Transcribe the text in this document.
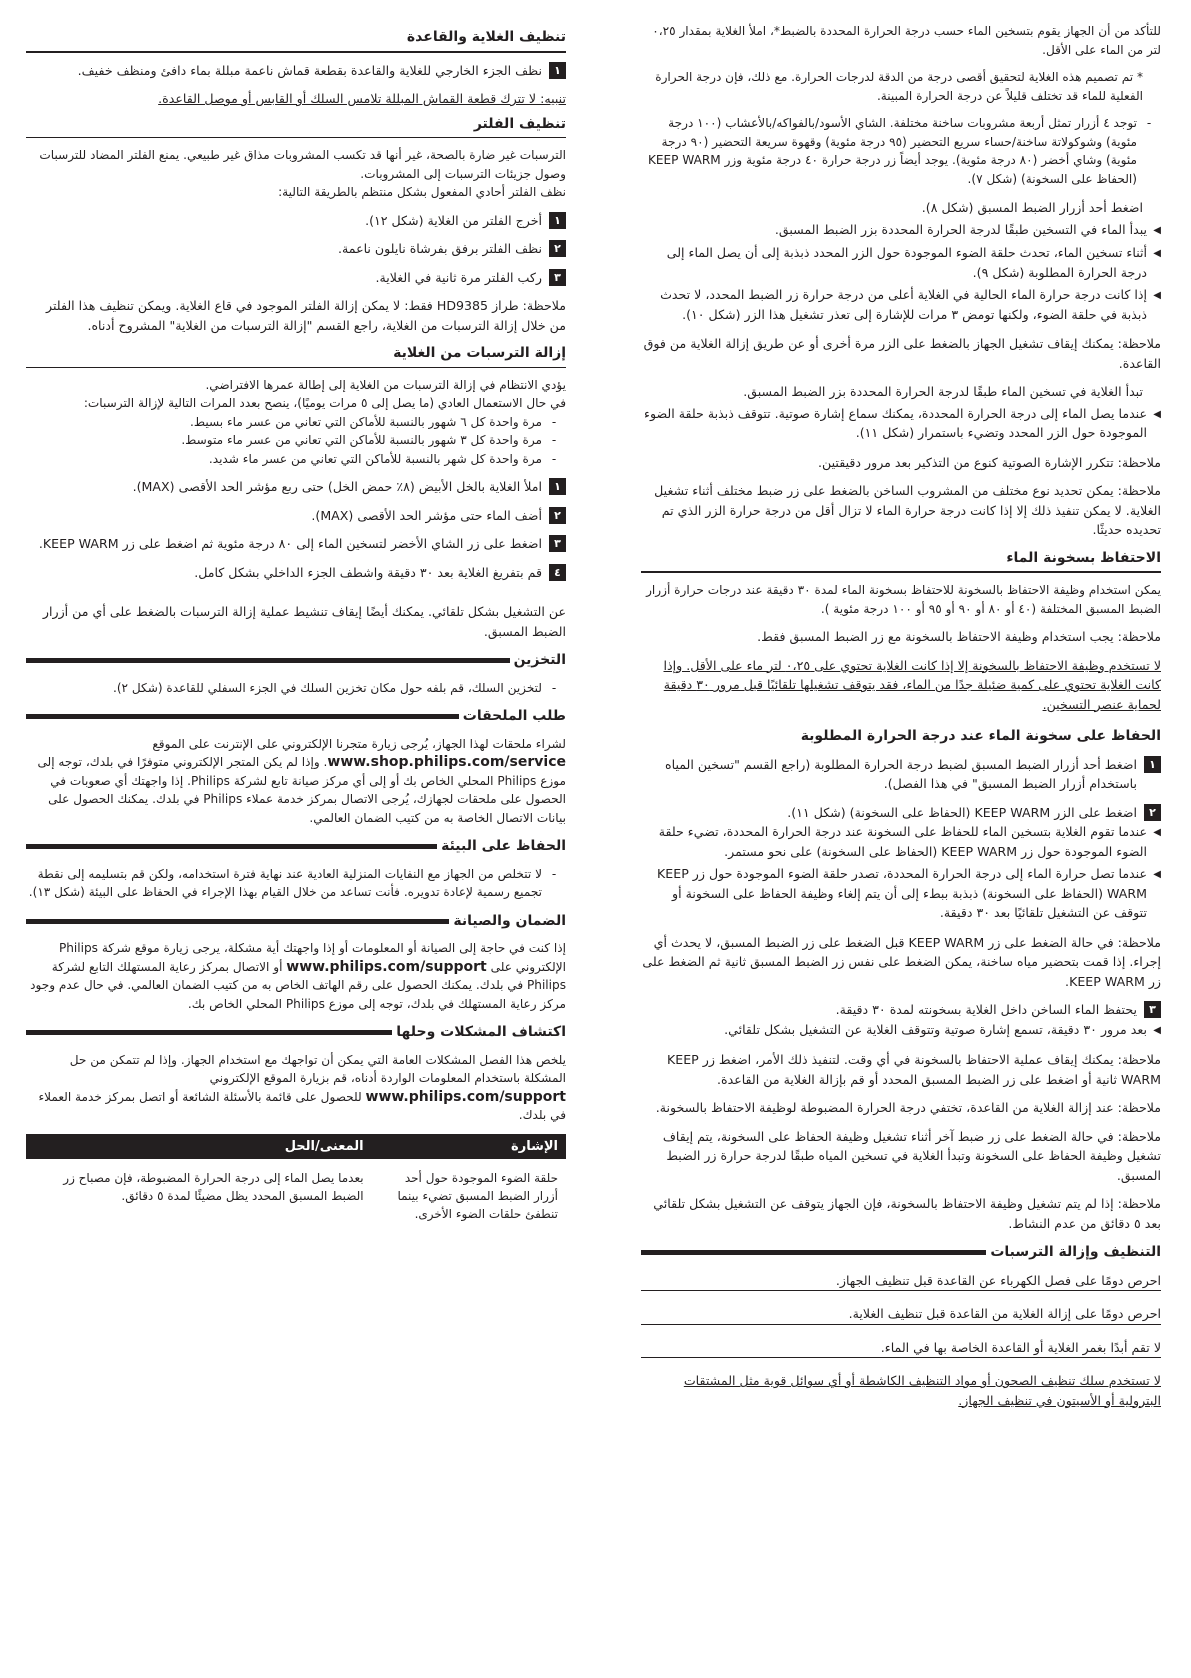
للتأكد من أن الجهاز يقوم بتسخين الماء حسب درجة الحرارة المحددة بالضبط*، املأ الغلاية بمقدار ٠،٢٥ لتر من الماء على الأقل.

* تم تصميم هذه الغلاية لتحقيق أقصى درجة من الدقة لدرجات الحرارة. مع ذلك، فإن درجة الحرارة الفعلية للماء قد تختلف قليلاً عن درجة الحرارة المبينة.

-
توجد ٤ أزرار تمثل أربعة مشروبات ساخنة مختلفة. الشاي الأسود/بالفواكه/بالأعشاب (١٠٠ درجة مئوية) وشوكولاتة ساخنة/حساء سريع التحضير (٩٥ درجة مئوية) وقهوة سريعة التحضير (٩٠ درجة مئوية) وشاي أخضر (٨٠ درجة مئوية). يوجد أيضاً زر درجة حرارة ٤٠ درجة مئوية وزر KEEP WARM (الحفاظ على السخونة) (شكل ٧).

اضغط أحد أزرار الضبط المسبق (شكل ٨).

◀
يبدأ الماء في التسخين طبقًا لدرجة الحرارة المحددة بزر الضبط المسبق.
◀
أثناء تسخين الماء، تحدث حلقة الضوء الموجودة حول الزر المحدد ذبذبة إلى أن يصل الماء إلى درجة الحرارة المطلوبة (شكل ٩).
◀
إذا كانت درجة حرارة الماء الحالية في الغلاية أعلى من درجة حرارة زر الضبط المحدد، لا تحدث ذبذبة في حلقة الضوء، ولكنها تومض ٣ مرات للإشارة إلى تعذر تشغيل هذا الزر (شكل ١٠).

ملاحظة: يمكنك إيقاف تشغيل الجهاز بالضغط على الزر مرة أخرى أو عن طريق إزالة الغلاية من فوق القاعدة.

تبدأ الغلاية في تسخين الماء طبقًا لدرجة الحرارة المحددة بزر الضبط المسبق.

◀
عندما يصل الماء إلى درجة الحرارة المحددة، يمكنك سماع إشارة صوتية. تتوقف ذبذبة حلقة الضوء الموجودة حول الزر المحدد وتضيء باستمرار (شكل ١١).

ملاحظة: تتكرر الإشارة الصوتية كنوع من التذكير بعد مرور دقيقتين.

ملاحظة: يمكن تحديد نوع مختلف من المشروب الساخن بالضغط على زر ضبط مختلف أثناء تشغيل الغلاية. لا يمكن تنفيذ ذلك إلا إذا كانت درجة حرارة الماء لا تزال أقل من درجة حرارة الزر الذي تم تحديده حديثًا.

الاحتفاظ بسخونة الماء

يمكن استخدام وظيفة الاحتفاظ بالسخونة للاحتفاظ بسخونة الماء لمدة ٣٠ دقيقة عند درجات حرارة أزرار الضبط المسبق المختلفة (٤٠ أو ٨٠ أو ٩٠ أو ٩٥ أو ١٠٠ درجة مئوية ).

ملاحظة: يجب استخدام وظيفة الاحتفاظ بالسخونة مع زر الضبط المسبق فقط.

لا تستخدم وظيفة الاحتفاظ بالسخونة إلا إذا كانت الغلاية تحتوي على ٠،٢٥ لتر ماء على الأقل. وإذا كانت الغلاية تحتوي على كمية ضئيلة جدًا من الماء، فقد يتوقف تشغيلها تلقائيًا قبل مرور ٣٠ دقيقة لحماية عنصر التسخين.

الحفاظ على سخونة الماء عند درجة الحرارة المطلوبة
١
اضغط أحد أزرار الضبط المسبق لضبط درجة الحرارة المطلوبة (راجع القسم "تسخين المياه باستخدام أزرار الضبط المسبق" في هذا الفصل).
٢
اضغط على الزر KEEP WARM (الحفاظ على السخونة) (شكل ١١).
◀
عندما تقوم الغلاية بتسخين الماء للحفاظ على السخونة عند درجة الحرارة المحددة، تضيء حلقة الضوء الموجودة حول زر KEEP WARM (الحفاظ على السخونة) على نحو مستمر.
◀
عندما تصل حرارة الماء إلى درجة الحرارة المحددة، تصدر حلقة الضوء الموجودة حول زر KEEP WARM (الحفاظ على السخونة) ذبذبة ببطء إلى أن يتم إلغاء وظيفة الحفاظ على السخونة أو تتوقف عن التشغيل تلقائيًا بعد ٣٠ دقيقة.

ملاحظة: في حالة الضغط على زر KEEP WARM قبل الضغط على زر الضبط المسبق، لا يحدث أي إجراء. إذا قمت بتحضير مياه ساخنة، يمكن الضغط على نفس زر الضبط المسبق ثانية ثم الضغط على زر KEEP WARM.

٣
يحتفظ الماء الساخن داخل الغلاية بسخونته لمدة ٣٠ دقيقة.
◀
بعد مرور ٣٠ دقيقة، تسمع إشارة صوتية وتتوقف الغلاية عن التشغيل بشكل تلقائي.

ملاحظة: يمكنك إيقاف عملية الاحتفاظ بالسخونة في أي وقت. لتنفيذ ذلك الأمر، اضغط زر KEEP WARM ثانية أو اضغط على زر الضبط المسبق المحدد أو قم بإزالة الغلاية من القاعدة.

ملاحظة: عند إزالة الغلاية من القاعدة، تختفي درجة الحرارة المضبوطة لوظيفة الاحتفاظ بالسخونة.

ملاحظة: في حالة الضغط على زر ضبط آخر أثناء تشغيل وظيفة الحفاظ على السخونة، يتم إيقاف تشغيل وظيفة الحفاظ على السخونة وتبدأ الغلاية في تسخين المياه طبقًا لدرجة حرارة زر الضبط المسبق.

ملاحظة: إذا لم يتم تشغيل وظيفة الاحتفاظ بالسخونة، فإن الجهاز يتوقف عن التشغيل بشكل تلقائي بعد ٥ دقائق من عدم النشاط.

التنظيف وإزالة الترسبات

احرص دومًا على فصل الكهرباء عن القاعدة قبل تنظيف الجهاز.

احرص دومًا على إزالة الغلاية من القاعدة قبل تنظيف الغلاية.

لا تقم أبدًا بغمر الغلاية أو القاعدة الخاصة بها في الماء.

لا تستخدم سلك تنظيف الصحون أو مواد التنظيف الكاشطة أو أي سوائل قوية مثل المشتقات البترولية أو الأسيتون في تنظيف الجهاز.

تنظيف الغلاية والقاعدة
١
نظف الجزء الخارجي للغلاية والقاعدة بقطعة قماش ناعمة مبللة بماء دافئ ومنظف خفيف.

تنبيه: لا تترك قطعة القماش المبللة تلامس السلك أو القابس أو موصل القاعدة.

تنظيف الفلتر

الترسبات غير ضارة بالصحة، غير أنها قد تكسب المشروبات مذاق غير طبيعي. يمنع الفلتر المضاد للترسبات وصول جزيئات الترسبات إلى المشروبات.

نظف الفلتر أحادي المفعول بشكل منتظم بالطريقة التالية:

١
أخرج الفلتر من الغلاية (شكل ١٢).
٢
نظف الفلتر برفق بفرشاة نايلون ناعمة.
٣
ركب الفلتر مرة ثانية في الغلاية.

ملاحظة: طراز HD9385 فقط: لا يمكن إزالة الفلتر الموجود في قاع الغلاية. ويمكن تنظيف هذا الفلتر من خلال إزالة الترسبات من الغلاية، راجع القسم "إزالة الترسبات من الغلاية" المشروح أدناه.

إزالة الترسبات من الغلاية

يؤدي الانتظام في إزالة الترسبات من الغلاية إلى إطالة عمرها الافتراضي.

في حال الاستعمال العادي (ما يصل إلى ٥ مرات يوميًا)، ينصح بعدد المرات التالية لإزالة الترسبات:

-
مرة واحدة كل ٦ شهور بالنسبة للأماكن التي تعاني من عسر ماء بسيط.
-
مرة واحدة كل ٣ شهور بالنسبة للأماكن التي تعاني من عسر ماء متوسط.
-
مرة واحدة كل شهر بالنسبة للأماكن التي تعاني من عسر ماء شديد.
١
املأ الغلاية بالخل الأبيض (٨٪ حمض الخل) حتى ربع مؤشر الحد الأقصى (MAX).
٢
أضف الماء حتى مؤشر الحد الأقصى (MAX).
٣
اضغط على زر الشاي الأخضر لتسخين الماء إلى ٨٠ درجة مئوية ثم اضغط على زر KEEP WARM.
٤
قم بتفريغ الغلاية بعد ٣٠ دقيقة واشطف الجزء الداخلي بشكل كامل.

عن التشغيل بشكل تلقائي. يمكنك أيضًا إيقاف تنشيط عملية إزالة الترسبات بالضغط على أي من أزرار الضبط المسبق.

التخزين
-
لتخزين السلك، قم بلفه حول مكان تخزين السلك في الجزء السفلي للقاعدة (شكل ٢).
طلب الملحقات

لشراء ملحقات لهذا الجهاز، يُرجى زيارة متجرنا الإلكتروني على الإنترنت على الموقع www.shop.philips.com/service. وإذا لم يكن المتجر الإلكتروني متوفرًا في بلدك، توجه إلى موزع Philips المحلي الخاص بك أو إلى أي مركز صيانة تابع لشركة Philips. إذا واجهتك أي صعوبات في الحصول على ملحقات لجهازك، يُرجى الاتصال بمركز خدمة عملاء Philips في بلدك. يمكنك الحصول على بيانات الاتصال الخاصة به من كتيب الضمان العالمي.

الحفاظ على البيئة
-
لا تتخلص من الجهاز مع النفايات المنزلية العادية عند نهاية فترة استخدامه، ولكن قم بتسليمه إلى نقطة تجميع رسمية لإعادة تدويره. فأنت تساعد من خلال القيام بهذا الإجراء في الحفاظ على البيئة (شكل ١٣).
الضمان والصيانة

إذا كنت في حاجة إلى الصيانة أو المعلومات أو إذا واجهتك أية مشكلة، يرجى زيارة موقع شركة Philips الإلكتروني على www.philips.com/support أو الاتصال بمركز رعاية المستهلك التابع لشركة Philips في بلدك. يمكنك الحصول على رقم الهاتف الخاص به من كتيب الضمان العالمي. في حال عدم وجود مركز رعاية المستهلك في بلدك، توجه إلى موزع Philips المحلي الخاص بك.

اكتشاف المشكلات وحلها

يلخص هذا الفصل المشكلات العامة التي يمكن أن تواجهك مع استخدام الجهاز. وإذا لم تتمكن من حل المشكلة باستخدام المعلومات الواردة أدناه، قم بزيارة الموقع الإلكتروني www.philips.com/support للحصول على قائمة بالأسئلة الشائعة أو اتصل بمركز خدمة العملاء في بلدك.

الإشارة	المعنى/الحل
حلقة الضوء الموجودة حول أحد أزرار الضبط المسبق تضيء بينما تنطفئ حلقات الضوء الأخرى.	بعدما يصل الماء إلى درجة الحرارة المضبوطة، فإن مصباح زر الضبط المسبق المحدد يظل مضيئًا لمدة ٥ دقائق.
